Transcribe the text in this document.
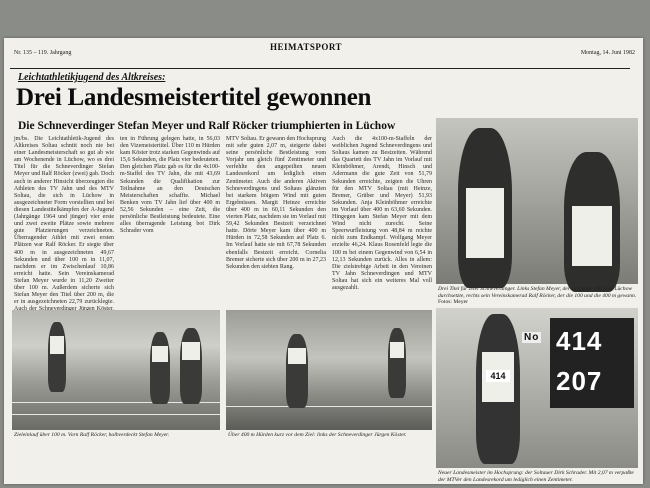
Nr. 135 – 119. Jahrgang
HEIMATSPORT
Montag, 14. Juni 1982
Leichtathletikjugend des Altkreises:
Drei Landesmeistertitel gewonnen
Die Schneverdinger Stefan Meyer und Ralf Röcker triumphierten in Lüchow
jm/bs. Die Leichtathletik-Jugend des Altkreises Soltau schnitt noch nie bei einer Landesmeisterschaft so gut ab wie am Wochenende in Lüchow, wo es drei Titel für die Schneverdinger Stefan Meyer und Ralf Röcker (zwei) gab. Doch auch in anderer Hinsicht überzeugten die Athleten des TV Jahn und des MTV Soltau, die sich in Lüchow in ausgezeichneter Form vorstellten und bei diesen Landestitelkämpfen der A-Jugend (Jahrgänge 1964 und jünger) vier erste und zwei zweite Plätze sowie mehrere gute Platzierungen verzeichneten. Überragender Athlet mit zwei ersten Plätzen war Ralf Röcker. Er siegte über 400 m in ausgezeichneten 49,67 Sekunden und über 100 m in 11,07, nachdem er im Zwischenlauf 10,86 erreicht hatte. Sein Vereinskamerad Stefan Meyer wurde in 11,20 Zweiter über 100 m. Außerdem sicherte sich Stefan Meyer den Titel über 200 m, die er in ausgezeichneten 22,79 zurücklegte.
ten in Führung gelegen hatte, in 56,03 den Vizemeistertitel. Über 110 m Hürden kam Köster trotz starken Gegenwinds auf 15,6 Sekunden, die Platz vier bedeuteten. Den gleichen Platz gab es für die 4x100-m-Staffel des TV Jahn, die mit 43,69 Sekunden die Qualifikation zur Teilnahme an den Deutschen Meisterschaften schaffte. Michael Benken vom TV Jahn lief über 400 m 52,56 Sekunden – eine Zeit, die persönliche Bestleistung bedeutete. Eine alles überragende Leistung bot Dirk Schrader vom
MTV Soltau. Er gewann den Hochsprung mit sehr guten 2,07 m, steigerte dabei seine persönliche Bestleistung vom Vorjahr um gleich fünf Zentimeter und verfehlte den angepeilten neuen Landesrekord um lediglich einen Zentimeter. Auch die anderen Aktiven Schneverdingens und Soltaus glänzten bei starkem böigem Wind mit guten Ergebnissen. Margit Heinze erreichte über 400 m in 60,11 Sekunden den vierten Platz, nachdem sie im Vorlauf mit 59,42 Sekunden Bestzeit verzeichnet hatte. Dörte Meyer kam über 400 m Hürden in 72,58 Sekunden auf Platz 6. Im Vorlauf hatte sie mit 67,78 Sekunden ebenfalls Bestzeit erreicht. Cornelia Bremer sicherte sich über 200 m in 27,23 Sekunden den siebten Rang.
Auch die 4x100-m-Staffeln der weiblichen Jugend Schneverdingens und Soltaus kamen zu Bestzeiten. Während das Quartett des TV Jahn im Vorlauf mit Kleinböhmer, Arendt, Hinsch und Adermann die gute Zeit von 51,79 Sekunden erreichte, zeigten die Uhren für den MTV Soltau (mit Heinze, Bremer, Grüber und Meyer) 51,93 Sekunden. Anja Kleinböhmer erreichte im Vorlauf über 400 m 63,60 Sekunden. Hingegen kam Stefan Meyer mit dem Wind nicht zurecht. Seine Speerwurfleistung von 48,84 m reichte nicht zum Endkampf. Wolfgang Meyer erzielte 46,24. Klaus Rosenfeld legte die 100 m bei einem Gegenwind von 6,54 in 12,13 Sekunden zurück. Alles in allem: Die zielstrebige Arbeit in den Vereinen TV Jahn Schneverdingen und MTV Soltau hat sich ein weiteres Mal voll ausgezahlt.
Zieleinlauf über 100 m. Vorn Ralf Röcker, halbverdeckt Stefan Meyer.	Über 400 m Hürden kurz vor dem Ziel: links der Schneverdinger Jürgen Köster.
Drei Titel für zwei Schneverdinger. Links Stefan Meyer, der sich über 100 m in Lüchow durchsetzte, rechts sein Vereinskamerad Ralf Röcker, der die 100 und die 400 m gewann. Fotos: Meyer
414
No 414
207
Neuer Landesmeister im Hochsprung: der Soltauer Dirk Schrader. Mit 2,07 m verpaßte der MTVer den Landesrekord um lediglich einen Zentimeter.
